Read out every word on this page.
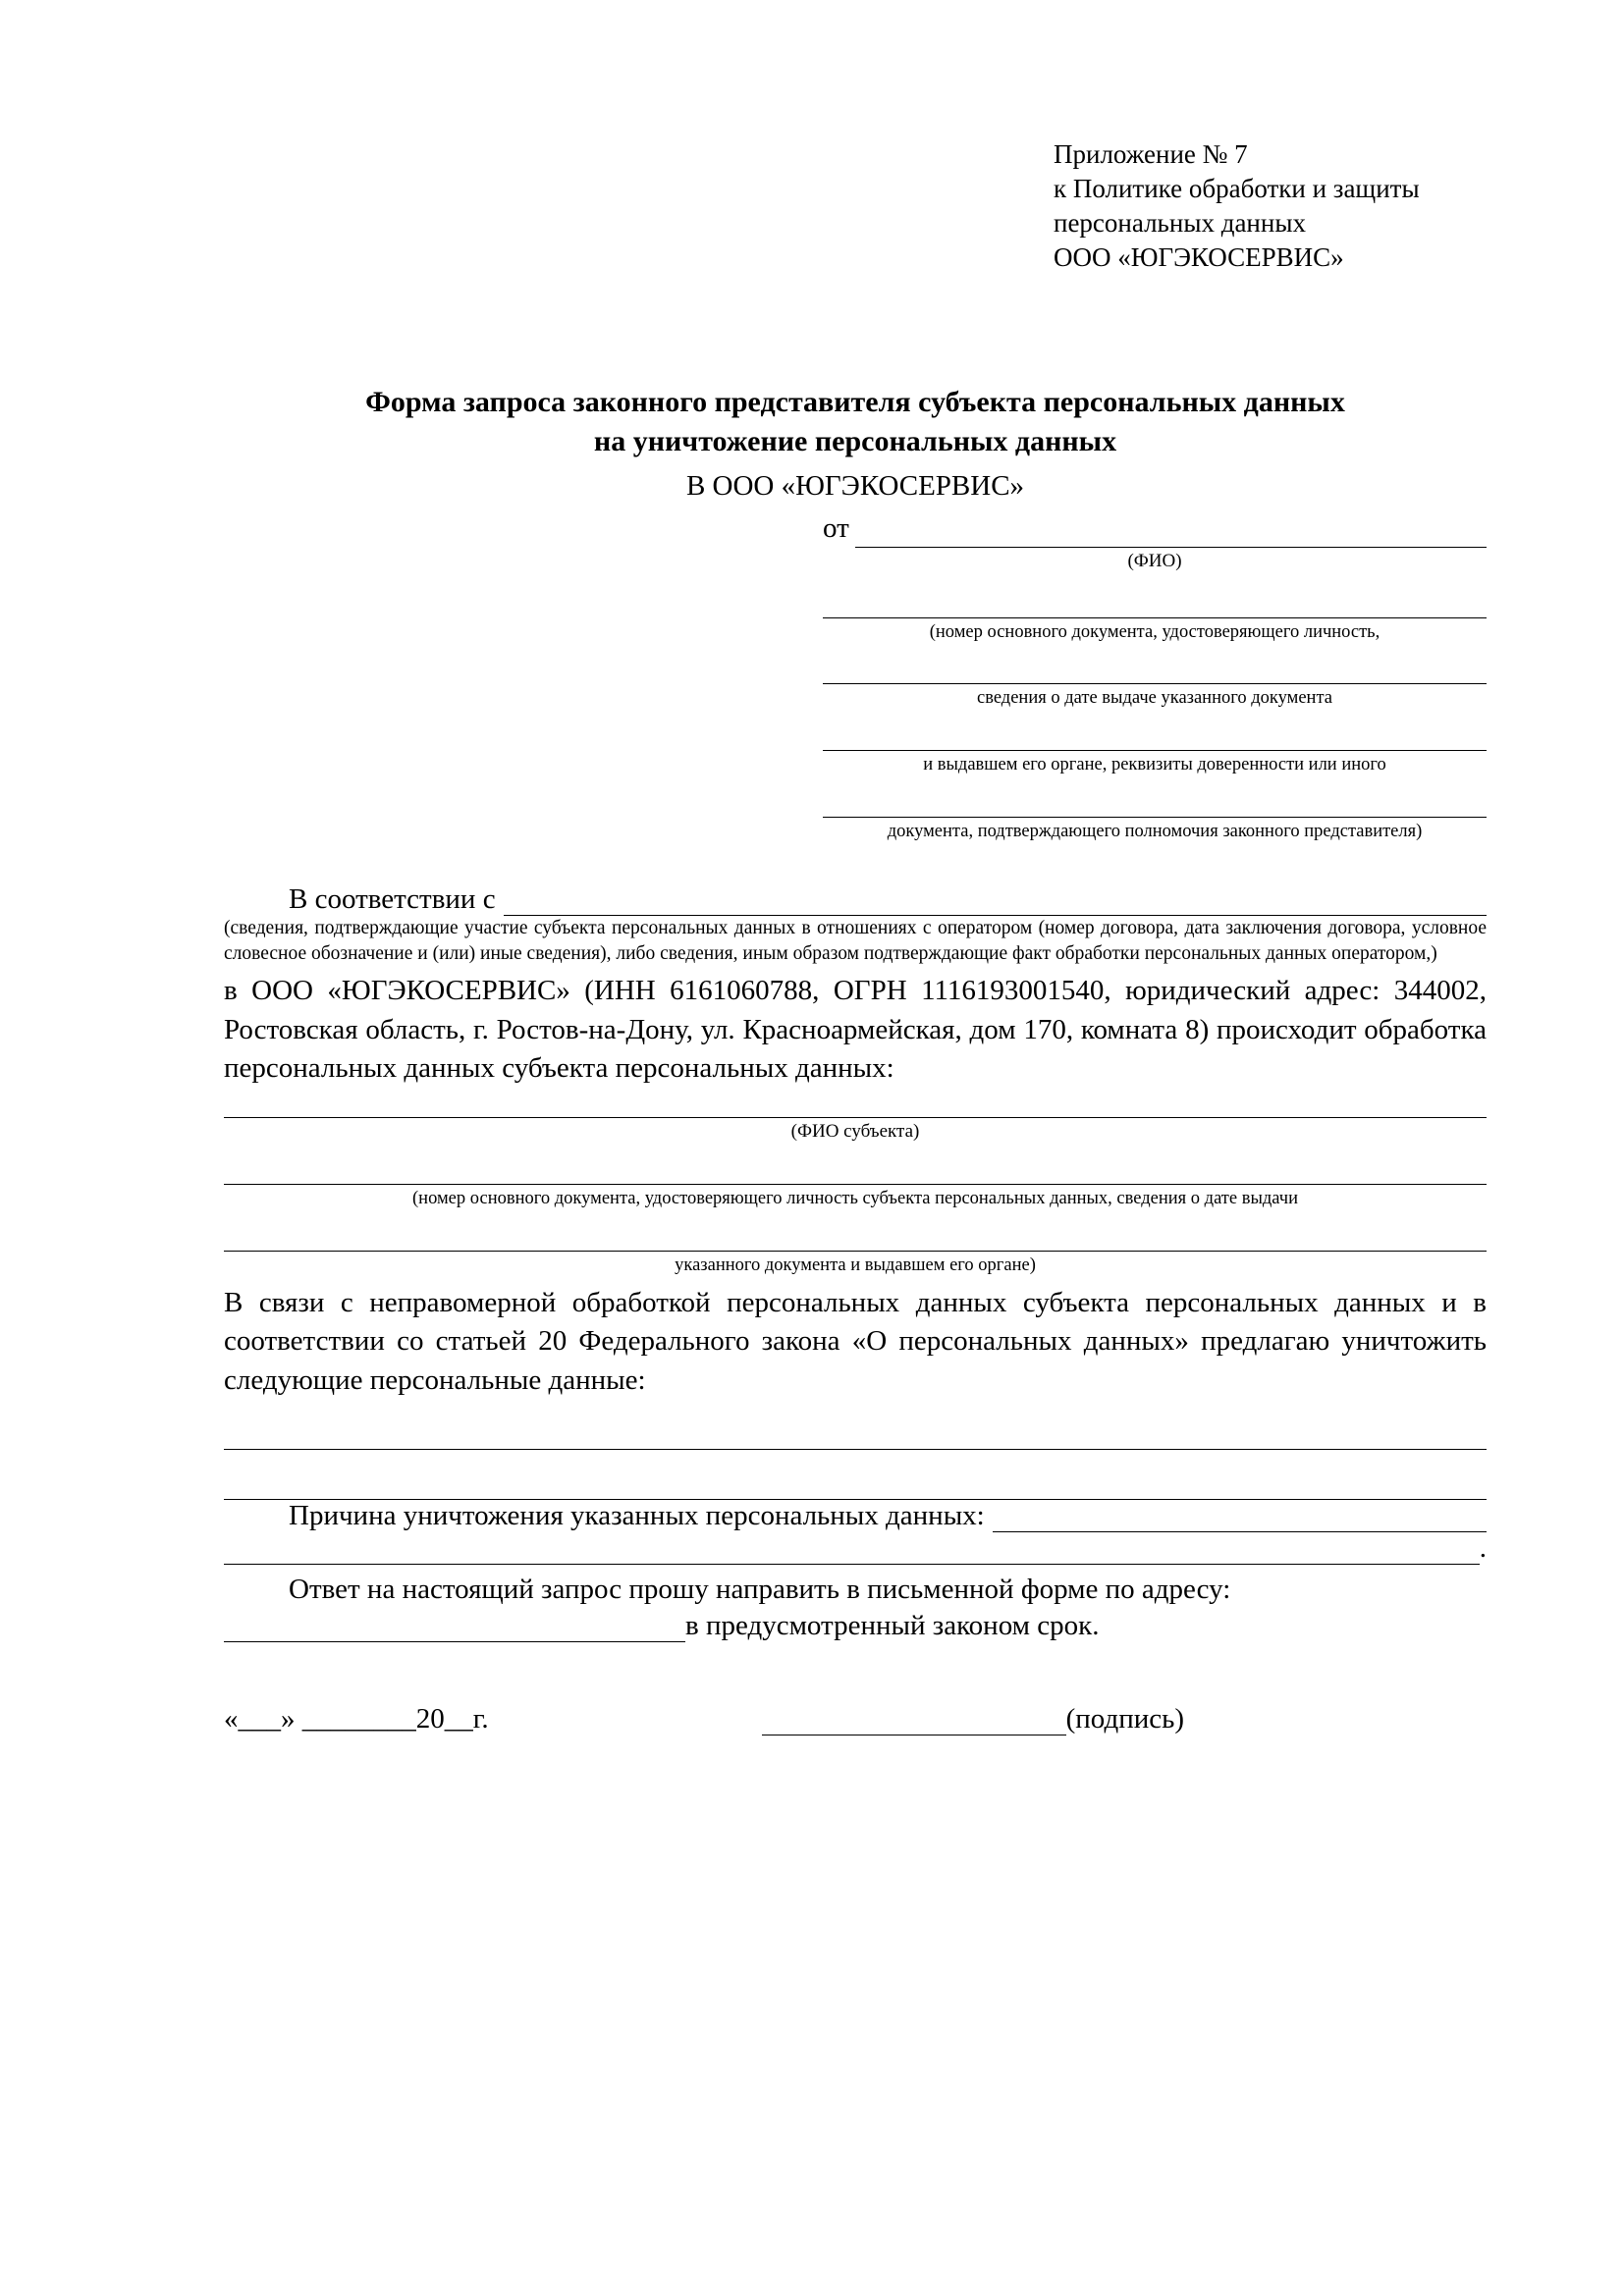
Приложение № 7
к Политике обработки и защиты
персональных данных
ООО «ЮГЭКОСЕРВИС»
Форма запроса законного представителя субъекта персональных данных
на уничтожение персональных данных
В ООО «ЮГЭКОСЕРВИС»
от
(ФИО)
(номер основного документа, удостоверяющего личность,
сведения о дате выдаче указанного документа
и выдавшем его органе, реквизиты доверенности или иного
документа, подтверждающего полномочия законного представителя)
В соответствии с
(сведения, подтверждающие участие субъекта персональных данных в отношениях с оператором (номер договора, дата заключения договора, условное словесное обозначение и (или) иные сведения), либо сведения, иным образом подтверждающие факт обработки персональных данных оператором,)
в ООО «ЮГЭКОСЕРВИС» (ИНН 6161060788, ОГРН 1116193001540, юридический адрес: 344002, Ростовская область, г. Ростов-на-Дону, ул. Красноармейская, дом 170, комната 8) происходит обработка персональных данных субъекта персональных данных:
(ФИО субъекта)
(номер основного документа, удостоверяющего личность субъекта персональных данных, сведения о дате выдачи
указанного документа и выдавшем его органе)
В связи с неправомерной обработкой персональных данных субъекта персональных данных и в соответствии со статьей 20 Федерального закона «О персональных данных» предлагаю уничтожить следующие персональные данные:
Причина уничтожения указанных персональных данных:
.
Ответ на настоящий запрос прошу направить в письменной форме по адресу:
в предусмотренный законом срок.
«___» ________20__г.	(подпись)
